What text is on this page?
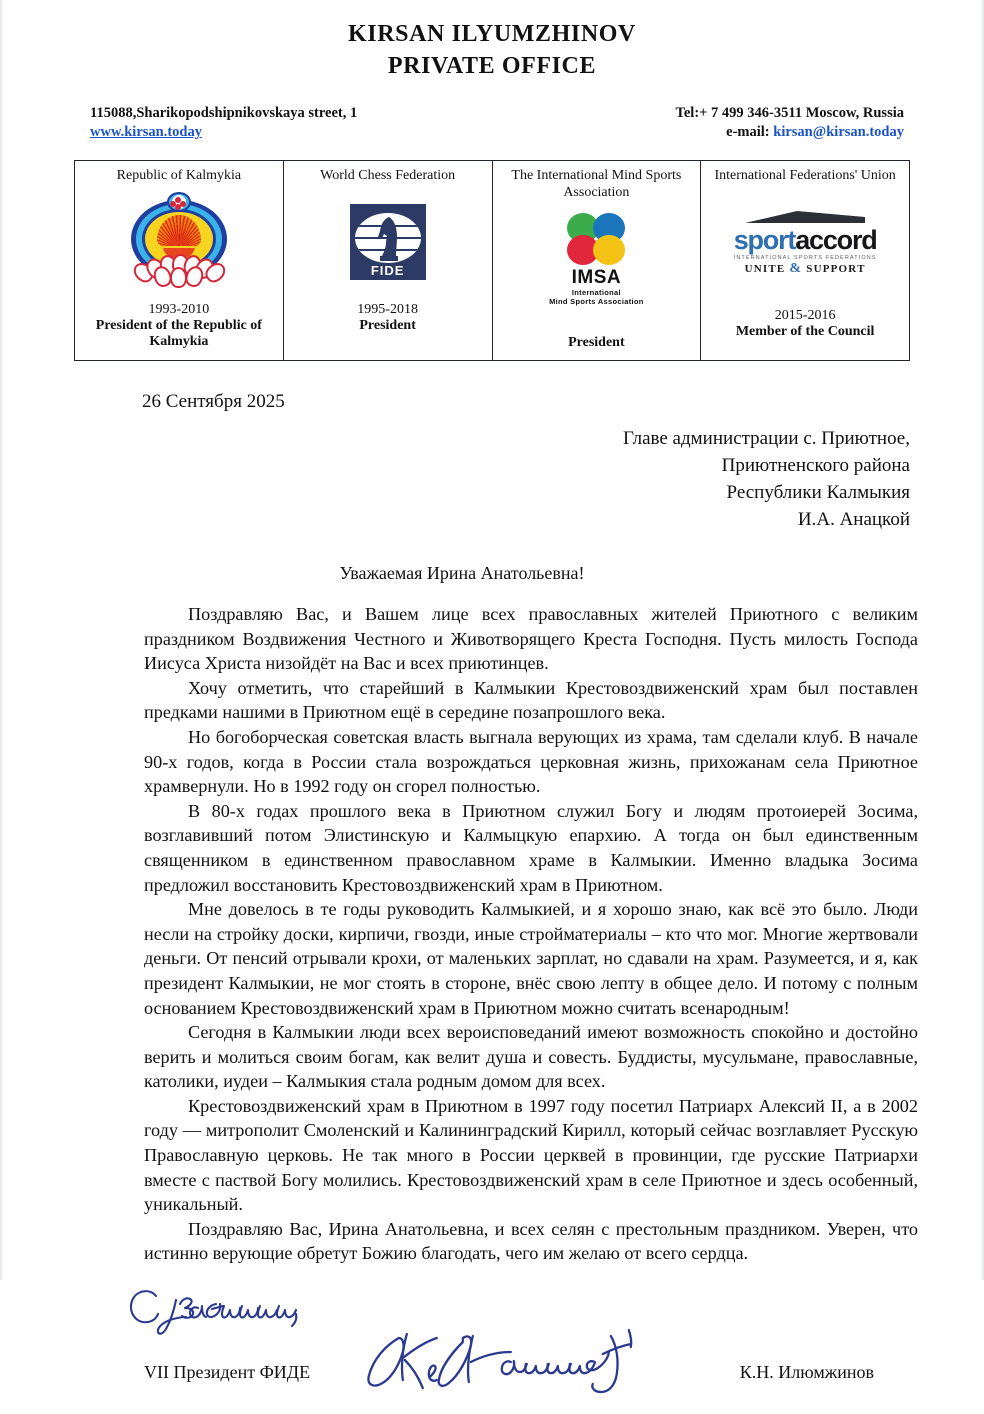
KIRSAN ILYUMZHINOV
PRIVATE OFFICE
115088,Sharikopodshipnikovskaya street, 1
www.kirsan.today
Tel:+ 7 499 346-3511 Moscow, Russia
e-mail: kirsan@kirsan.today
Republic of Kalmykia
1993-2010
President of the Republic of Kalmykia

World Chess Federation
FIDE
1995-2018
President

The International Mind Sports Association
IMSA
International
Mind Sports Association
President

International Federations' Union
sportaccord
INTERNATIONAL SPORTS FEDERATIONS
UNITE & SUPPORT
2015-2016
Member of the Council
26 Сентября 2025
Главе администрации с. Приютное,
Приютненского района
Республики Калмыкия
И.А. Анацкой
Уважаемая Ирина Анатольевна!

Поздравляю Вас, и Вашем лице всех православных жителей Приютного с великим праздником Воздвижения Честного и Животворящего Креста Господня. Пусть милость Господа Иисуса Христа низойдёт на Вас и всех приютинцев.

Хочу отметить, что старейший в Калмыкии Крестовоздвиженский храм был поставлен предками нашими в Приютном ещё в середине позапрошлого века.

Но богоборческая советская власть выгнала верующих из храма, там сделали клуб. В начале 90-х годов, когда в России стала возрождаться церковная жизнь, прихожанам села Приютное храмвернули. Но в 1992 году он сгорел полностью.

В 80-х годах прошлого века в Приютном служил Богу и людям протоиерей Зосима, возглавивший потом Элистинскую и Калмыцкую епархию. А тогда он был единственным священником в единственном православном храме в Калмыкии. Именно владыка Зосима предложил восстановить Крестовоздвиженский храм в Приютном.

Мне довелось в те годы руководить Калмыкией, и я хорошо знаю, как всё это было. Люди несли на стройку доски, кирпичи, гвозди, иные стройматериалы – кто что мог. Многие жертвовали деньги. От пенсий отрывали крохи, от маленьких зарплат, но сдавали на храм. Разумеется, и я, как президент Калмыкии, не мог стоять в стороне, внёс свою лепту в общее дело. И потому с полным основанием Крестовоздвиженский храм в Приютном можно считать всенародным!

Сегодня в Калмыкии люди всех вероисповеданий имеют возможность спокойно и достойно верить и молиться своим богам, как велит душа и совесть. Буддисты, мусульмане, православные, католики, иудеи – Калмыкия стала родным домом для всех.

Крестовоздвиженский храм в Приютном в 1997 году посетил Патриарх Алексий II, а в 2002 году — митрополит Смоленский и Калининградский Кирилл, который сейчас возглавляет Русскую Православную церковь. Не так много в России церквей в провинции, где русские Патриархи вместе с паствой Богу молились. Крестовоздвиженский храм в селе Приютное и здесь особенный, уникальный.

Поздравляю Вас, Ирина Анатольевна, и всех селян с престольным праздником. Уверен, что истинно верующие обретут Божию благодать, чего им желаю от всего сердца.

VII Президент ФИДЕ	К.Н. Илюмжинов
